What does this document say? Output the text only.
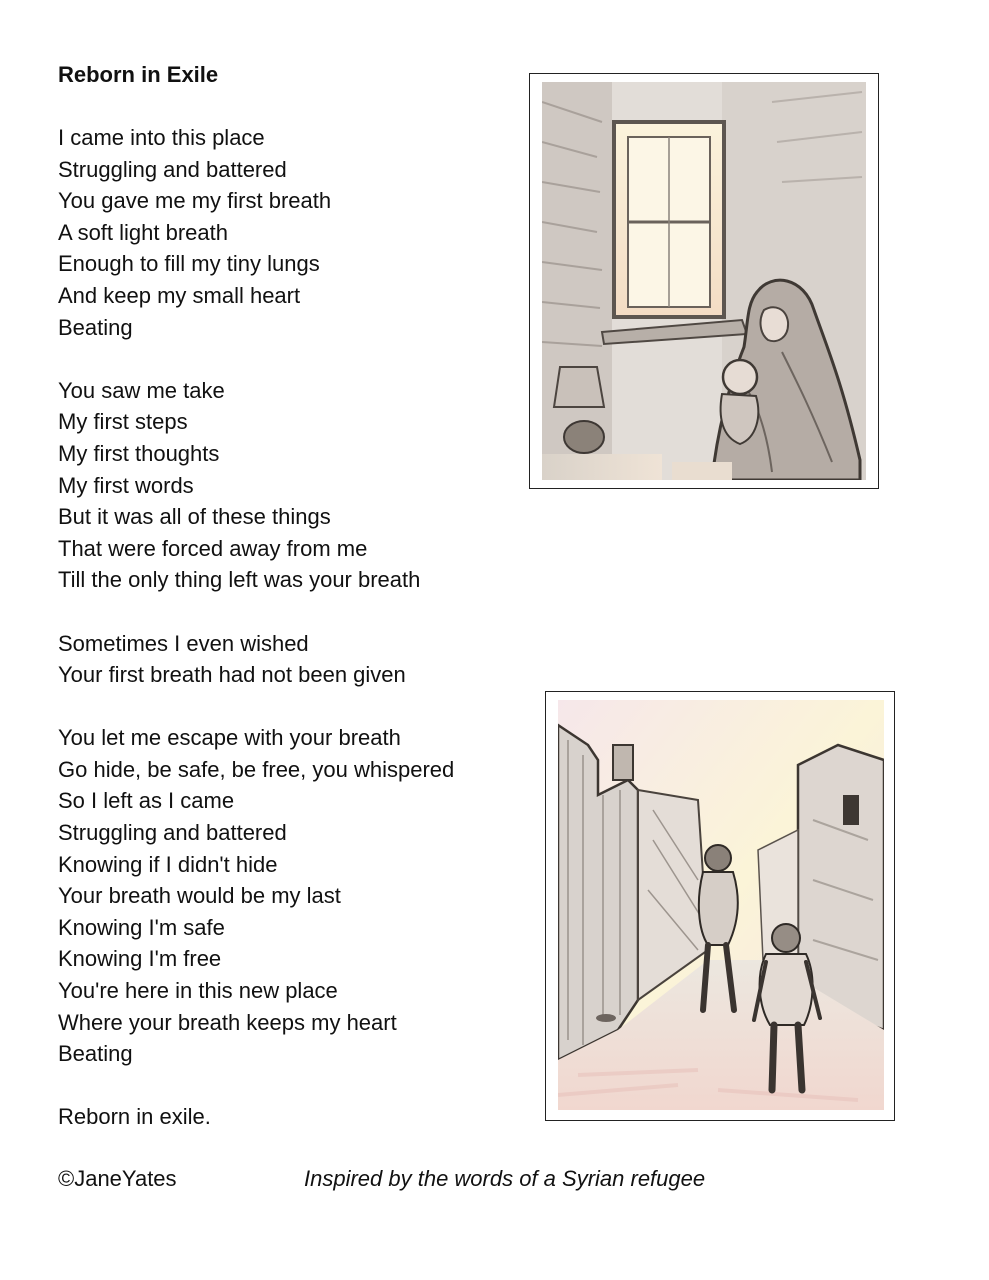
Reborn in Exile

I came into this place
Struggling and battered
You gave me my first breath
A soft light breath
Enough to fill my tiny lungs
And keep my small heart
Beating

You saw me take
My first steps
My first thoughts
My first words
But it was all of these things
That were forced away from me
Till the only thing left was your breath

Sometimes I even wished
Your first breath had not been given

You let me escape with your breath
Go hide, be safe, be free, you whispered
So I left as I came
Struggling and battered
Knowing if I didn't hide
Your breath would be my last
Knowing I'm safe
Knowing I'm free
You're here in this new place
Where your breath keeps my heart
Beating

Reborn in exile.

©JaneYates	Inspired by the words of a Syrian refugee
